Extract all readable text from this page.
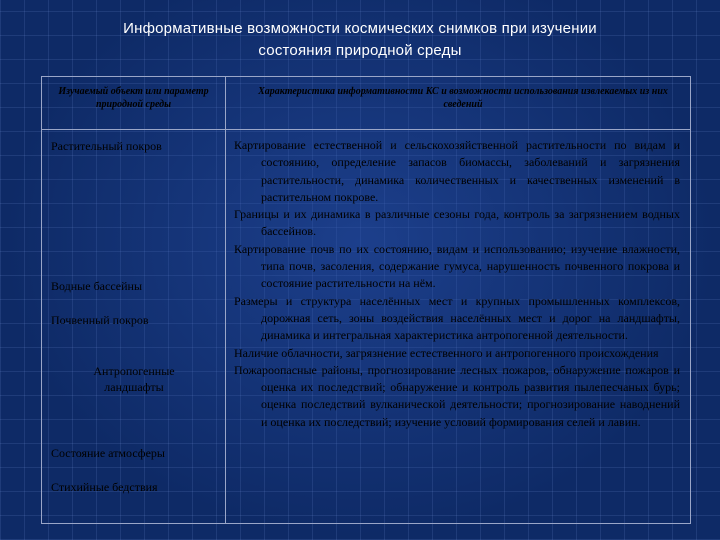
Информативные возможности космических снимков при изучении
состояния природной среды
Изучаемый объект или параметр природной среды
Характеристика информативности КС и возможности использования извлекаемых из них сведений
Растительный покров
Водные бассейны
Почвенный покров
Антропогенные
ландшафты
Состояние атмосферы
Стихийные бедствия
Картирование естественной и сельскохозяйственной растительности по видам и состоянию, определение запасов биомассы, заболеваний и загрязнения растительности, динамика количественных и качественных изменений в растительном покрове.
Границы и их динамика в различные сезоны года, контроль за загрязнением водных бассейнов.
Картирование почв по их состоянию, видам и использованию; изучение влажности, типа почв, засоления, содержание гумуса, нарушенность почвенного покрова и состояние растительности на нём.
Размеры и структура населённых мест и крупных промышленных комплексов, дорожная сеть, зоны воздействия населённых мест и дорог на ландшафты, динамика и интегральная характеристика антропогенной деятельности.
Наличие облачности, загрязнение естественного и антропогенного происхождения
Пожароопасные районы, прогнозирование лесных пожаров, обнаружение пожаров и оценка их последствий; обнаружение и контроль развития пылепесчаных бурь; оценка последствий вулканической деятельности; прогнозирование наводнений и оценка их последствий; изучение условий формирования селей и лавин.
